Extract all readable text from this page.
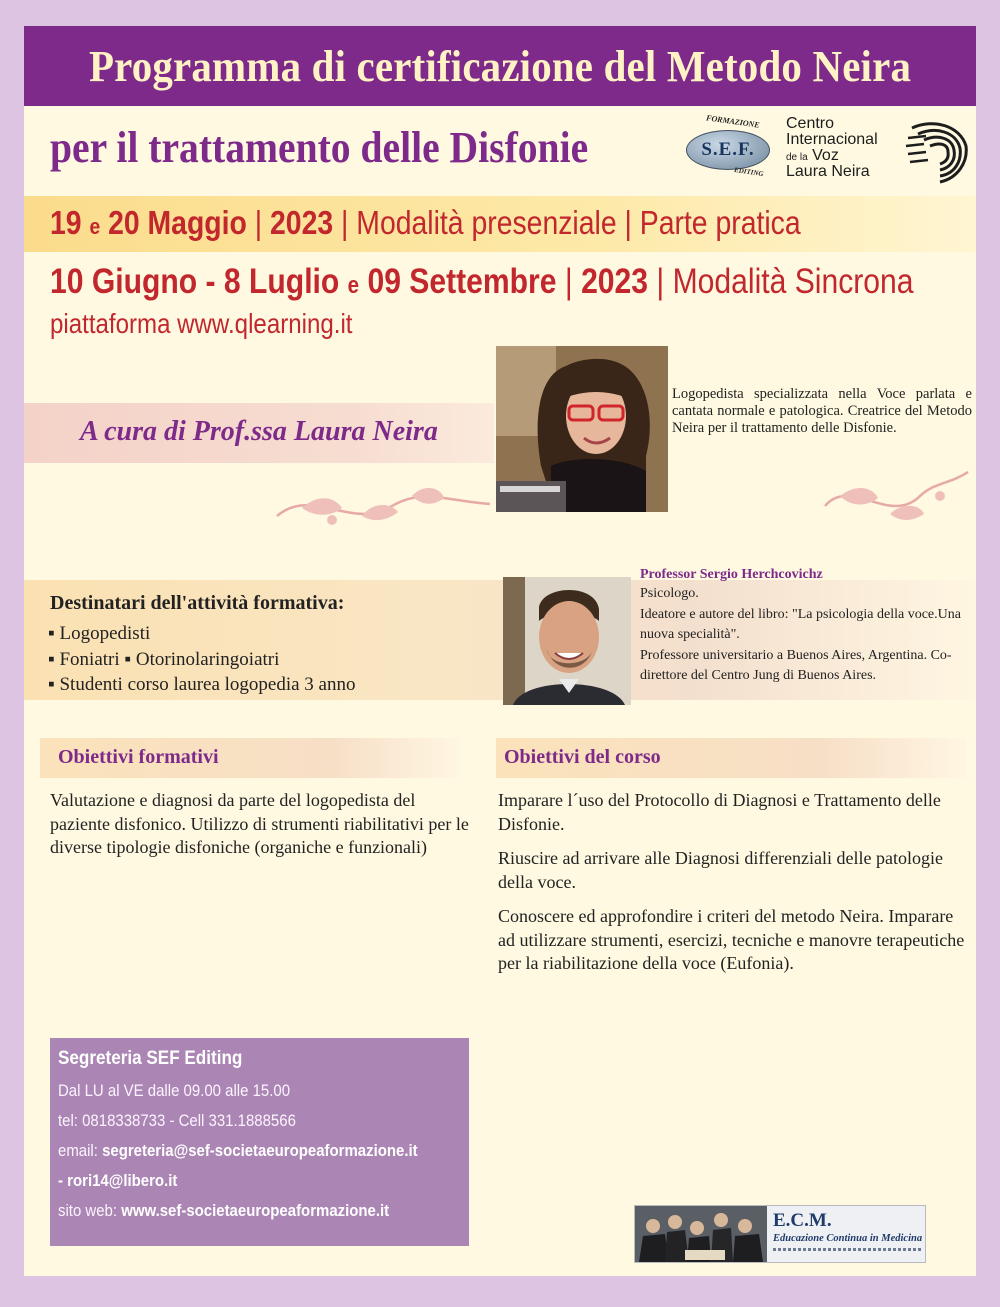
Programma di certificazione del Metodo Neira
per il trattamento delle Disfonie	S.E.F.
FORMAZIONE
EDITING
Centro
Internacional
de la Voz
Laura Neira
19 e 20 Maggio | 2023 | Modalità presenziale | Parte pratica
10 Giugno - 8 Luglio e 09 Settembre | 2023 | Modalità Sincrona
piattaforma www.qlearning.it
A cura di Prof.ssa Laura Neira
Logopedista specializzata nella Voce parlata e cantata normale e patologica. Creatrice del Metodo Neira per il trattamento delle Disfonie.
Destinatari dell'attività formativa:
▪ Logopedisti
▪ Foniatri ▪ Otorinolaringoiatri
▪ Studenti corso laurea logopedia 3 anno
Professor Sergio Herchcovichz
Psicologo.
Ideatore e autore del libro: "La psicologia della voce.Una nuova specialità".
Professore universitario a Buenos Aires, Argentina. Co-direttore del Centro Jung di Buenos Aires.
Obiettivi formativi	Obiettivi del corso
Valutazione e diagnosi da parte del logopedista del paziente disfonico. Utilizzo di strumenti riabilitativi per le diverse tipologie disfoniche (organiche e funzionali)

Imparare l´uso del Protocollo di Diagnosi e Trattamento delle Disfonie.

Riuscire ad arrivare alle Diagnosi differenziali delle patologie della voce.

Conoscere ed approfondire i criteri del metodo Neira. Imparare ad utilizzare strumenti, esercizi, tecniche e manovre terapeutiche per la riabilitazione della voce (Eufonia).

Segreteria SEF Editing
Dal LU al VE dalle 09.00 alle 15.00
tel: 0818338733 - Cell 331.1888566
email: segreteria@sef-societaeuropeaformazione.it
- rori14@libero.it
sito web: www.sef-societaeuropeaformazione.it	E.C.M.
Educazione Continua in Medicina
